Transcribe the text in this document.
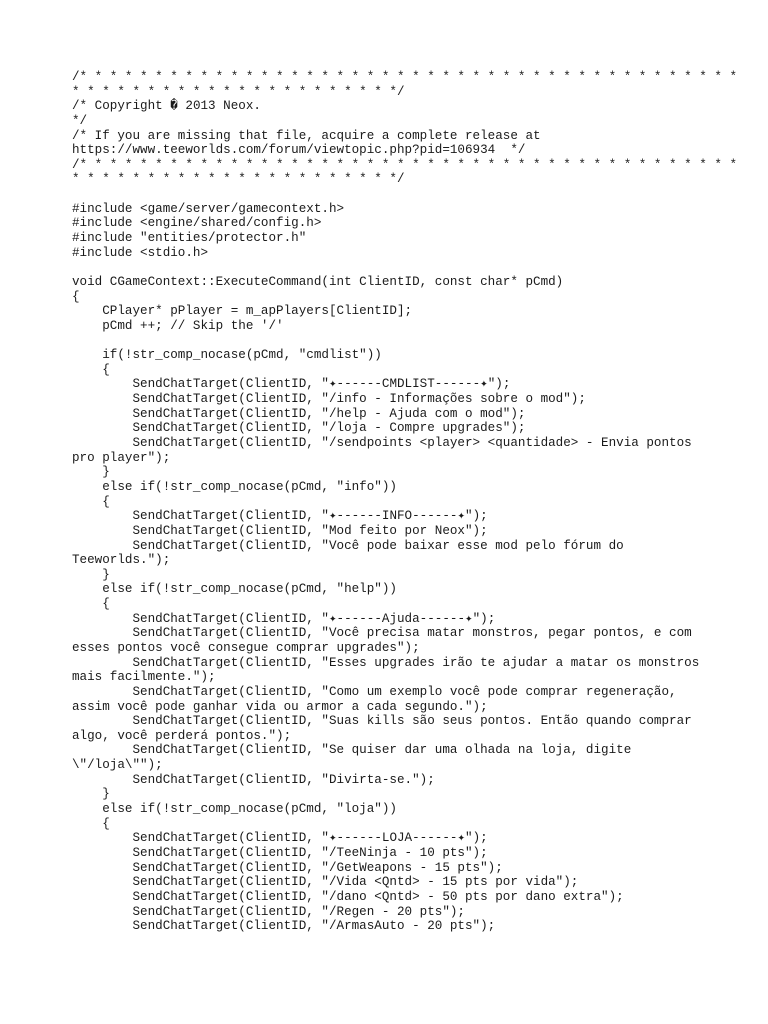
/* * * * * * * * * * * * * * * * * * * * * * * * * * * * * * * * * * * * * * * * * * * *
* * * * * * * * * * * * * * * * * * * * * */
/* Copyright � 2013 Neox.
*/
/* If you are missing that file, acquire a complete release at
https://www.teeworlds.com/forum/viewtopic.php?pid=106934  */
/* * * * * * * * * * * * * * * * * * * * * * * * * * * * * * * * * * * * * * * * * * * *
* * * * * * * * * * * * * * * * * * * * * */
#include <game/server/gamecontext.h>
#include <engine/shared/config.h>
#include "entities/protector.h"
#include <stdio.h>
void CGameContext::ExecuteCommand(int ClientID, const char* pCmd)
{
CPlayer* pPlayer = m_apPlayers[ClientID];
pCmd ++; // Skip the '/'
if(!str_comp_nocase(pCmd, "cmdlist"))
{
SendChatTarget(ClientID, "✦------CMDLIST------✦");
SendChatTarget(ClientID, "/info - Informações sobre o mod");
SendChatTarget(ClientID, "/help - Ajuda com o mod");
SendChatTarget(ClientID, "/loja - Compre upgrades");
SendChatTarget(ClientID, "/sendpoints <player> <quantidade> - Envia pontos
pro player");
}
else if(!str_comp_nocase(pCmd, "info"))
{
SendChatTarget(ClientID, "✦------INFO------✦");
SendChatTarget(ClientID, "Mod feito por Neox");
SendChatTarget(ClientID, "Você pode baixar esse mod pelo fórum do
Teeworlds.");
}
else if(!str_comp_nocase(pCmd, "help"))
{
SendChatTarget(ClientID, "✦------Ajuda------✦");
SendChatTarget(ClientID, "Você precisa matar monstros, pegar pontos, e com
esses pontos você consegue comprar upgrades");
SendChatTarget(ClientID, "Esses upgrades irão te ajudar a matar os monstros
mais facilmente.");
SendChatTarget(ClientID, "Como um exemplo você pode comprar regeneração,
assim você pode ganhar vida ou armor a cada segundo.");
SendChatTarget(ClientID, "Suas kills são seus pontos. Então quando comprar
algo, você perderá pontos.");
SendChatTarget(ClientID, "Se quiser dar uma olhada na loja, digite
\"/loja\"");
SendChatTarget(ClientID, "Divirta-se.");
}
else if(!str_comp_nocase(pCmd, "loja"))
{
SendChatTarget(ClientID, "✦------LOJA------✦");
SendChatTarget(ClientID, "/TeeNinja - 10 pts");
SendChatTarget(ClientID, "/GetWeapons - 15 pts");
SendChatTarget(ClientID, "/Vida <Qntd> - 15 pts por vida");
SendChatTarget(ClientID, "/dano <Qntd> - 50 pts por dano extra");
SendChatTarget(ClientID, "/Regen - 20 pts");
SendChatTarget(ClientID, "/ArmasAuto - 20 pts");
